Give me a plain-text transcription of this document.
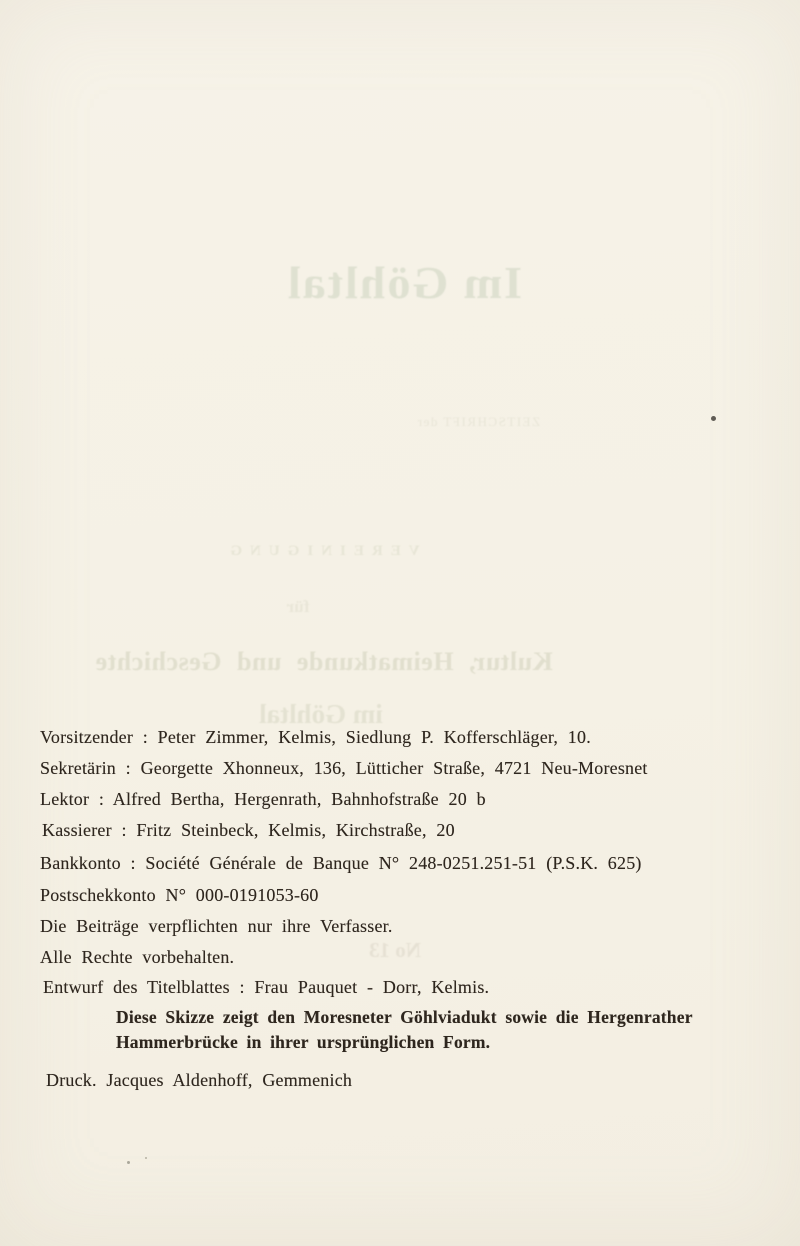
Im Göhltal
ZEITSCHRIFT der
VEREINIGUNG
für
Kultur, Heimatkunde und Geschichte
im Göhltal
No 13
Vorsitzender : Peter Zimmer, Kelmis, Siedlung P. Kofferschläger, 10.
Sekretärin : Georgette Xhonneux, 136, Lütticher Straße, 4721 Neu-Moresnet
Lektor : Alfred Bertha, Hergenrath, Bahnhofstraße 20 b
Kassierer : Fritz Steinbeck, Kelmis, Kirchstraße, 20
Bankkonto : Société Générale de Banque N° 248-0251.251-51 (P.S.K. 625)
Postschekkonto N° 000-0191053-60
Die Beiträge verpflichten nur ihre Verfasser.
Alle Rechte vorbehalten.
Entwurf des Titelblattes : Frau Pauquet - Dorr, Kelmis.
Diese Skizze zeigt den Moresneter Göhlviadukt sowie die Hergenrather
Hammerbrücke in ihrer ursprünglichen Form.
Druck. Jacques Aldenhoff, Gemmenich
